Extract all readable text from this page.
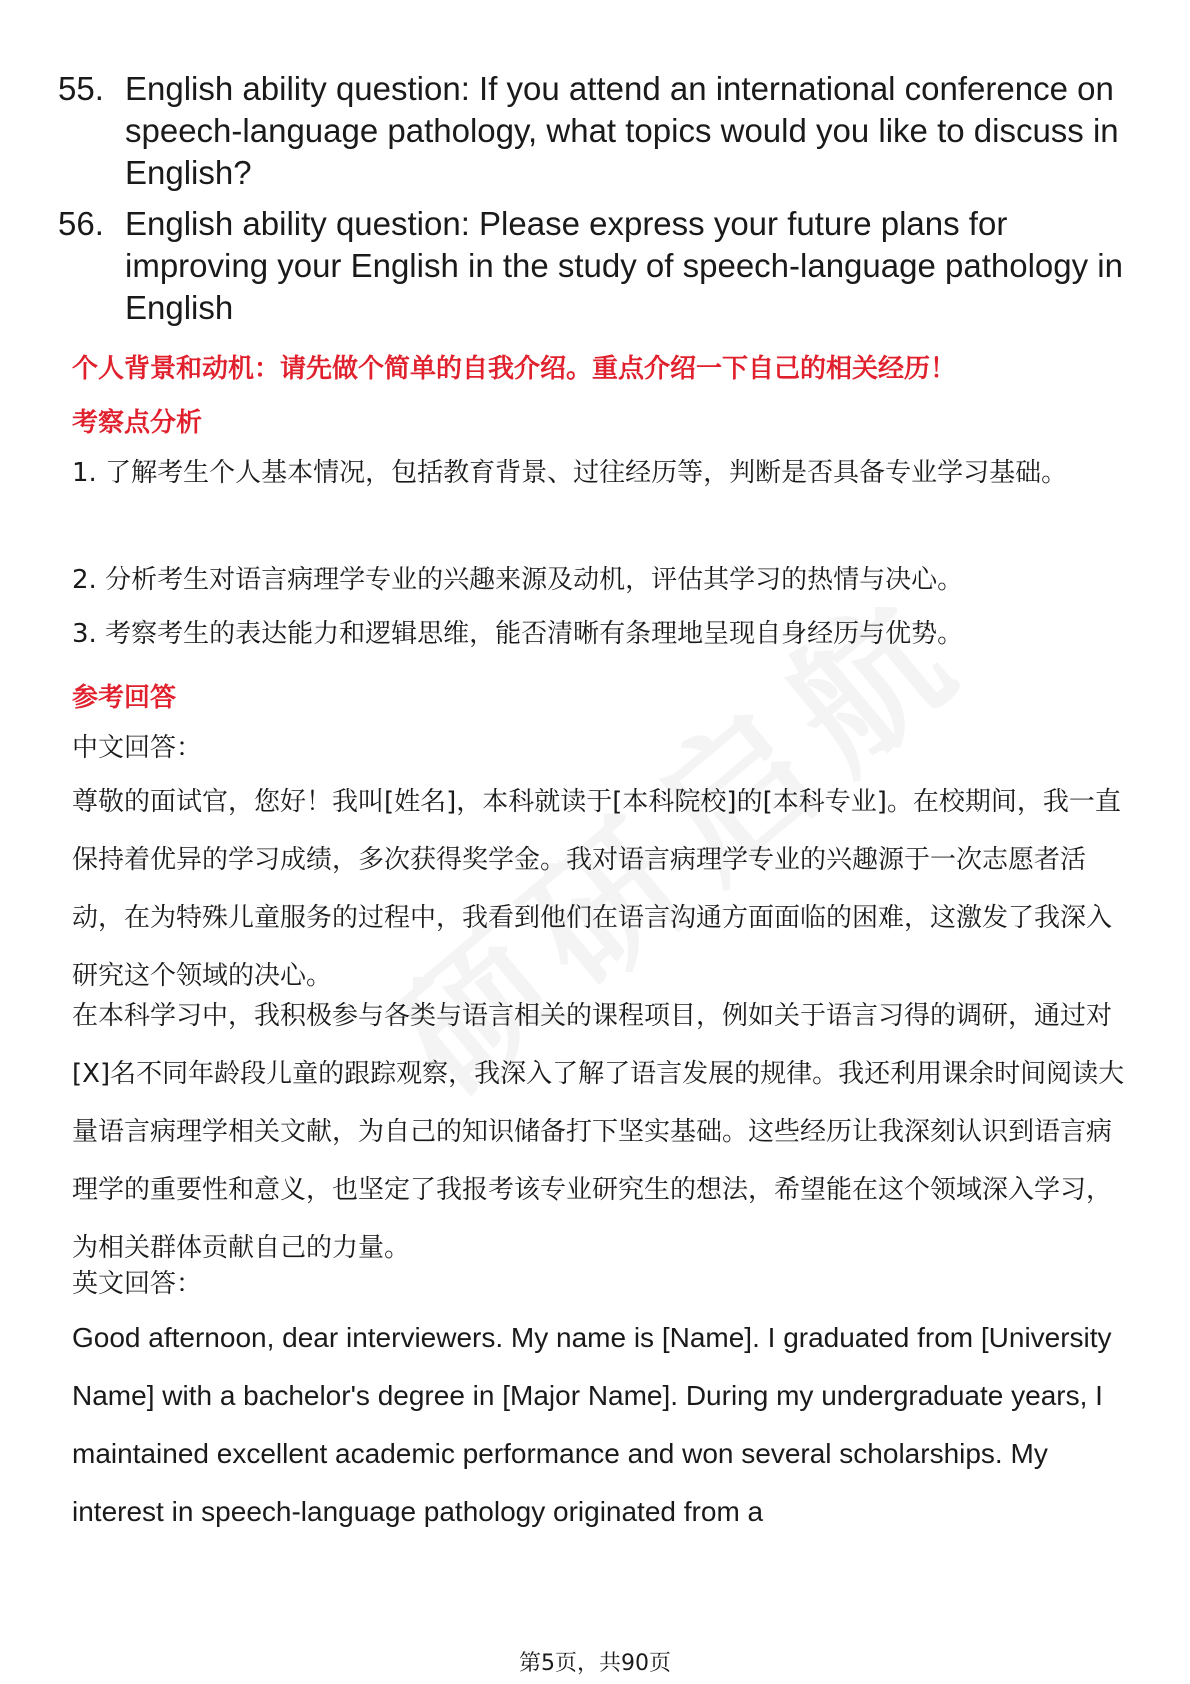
55. English ability question: If you attend an international conference on speech-language pathology, what topics would you like to discuss in English?
56. English ability question: Please express your future plans for improving your English in the study of speech-language pathology in English
个人背景和动机：请先做个简单的自我介绍。重点介绍一下自己的相关经历！
考察点分析
1. 了解考生个人基本情况，包括教育背景、过往经历等，判断是否具备专业学习基础。
2. 分析考生对语言病理学专业的兴趣来源及动机，评估其学习的热情与决心。
3. 考察考生的表达能力和逻辑思维，能否清晰有条理地呈现自身经历与优势。
参考回答
中文回答：
尊敬的面试官，您好！我叫[姓名]，本科就读于[本科院校]的[本科专业]。在校期间，我一直保持着优异的学习成绩，多次获得奖学金。我对语言病理学专业的兴趣源于一次志愿者活动，在为特殊儿童服务的过程中，我看到他们在语言沟通方面面临的困难，这激发了我深入研究这个领域的决心。
在本科学习中，我积极参与各类与语言相关的课程项目，例如关于语言习得的调研，通过对[X]名不同年龄段儿童的跟踪观察，我深入了解了语言发展的规律。我还利用课余时间阅读大量语言病理学相关文献，为自己的知识储备打下坚实基础。这些经历让我深刻认识到语言病理学的重要性和意义，也坚定了我报考该专业研究生的想法，希望能在这个领域深入学习，为相关群体贡献自己的力量。
英文回答：
Good afternoon, dear interviewers. My name is [Name]. I graduated from [University Name] with a bachelor's degree in [Major Name]. During my undergraduate years, I maintained excellent academic performance and won several scholarships. My interest in speech-language pathology originated from a
第5页，共90页
